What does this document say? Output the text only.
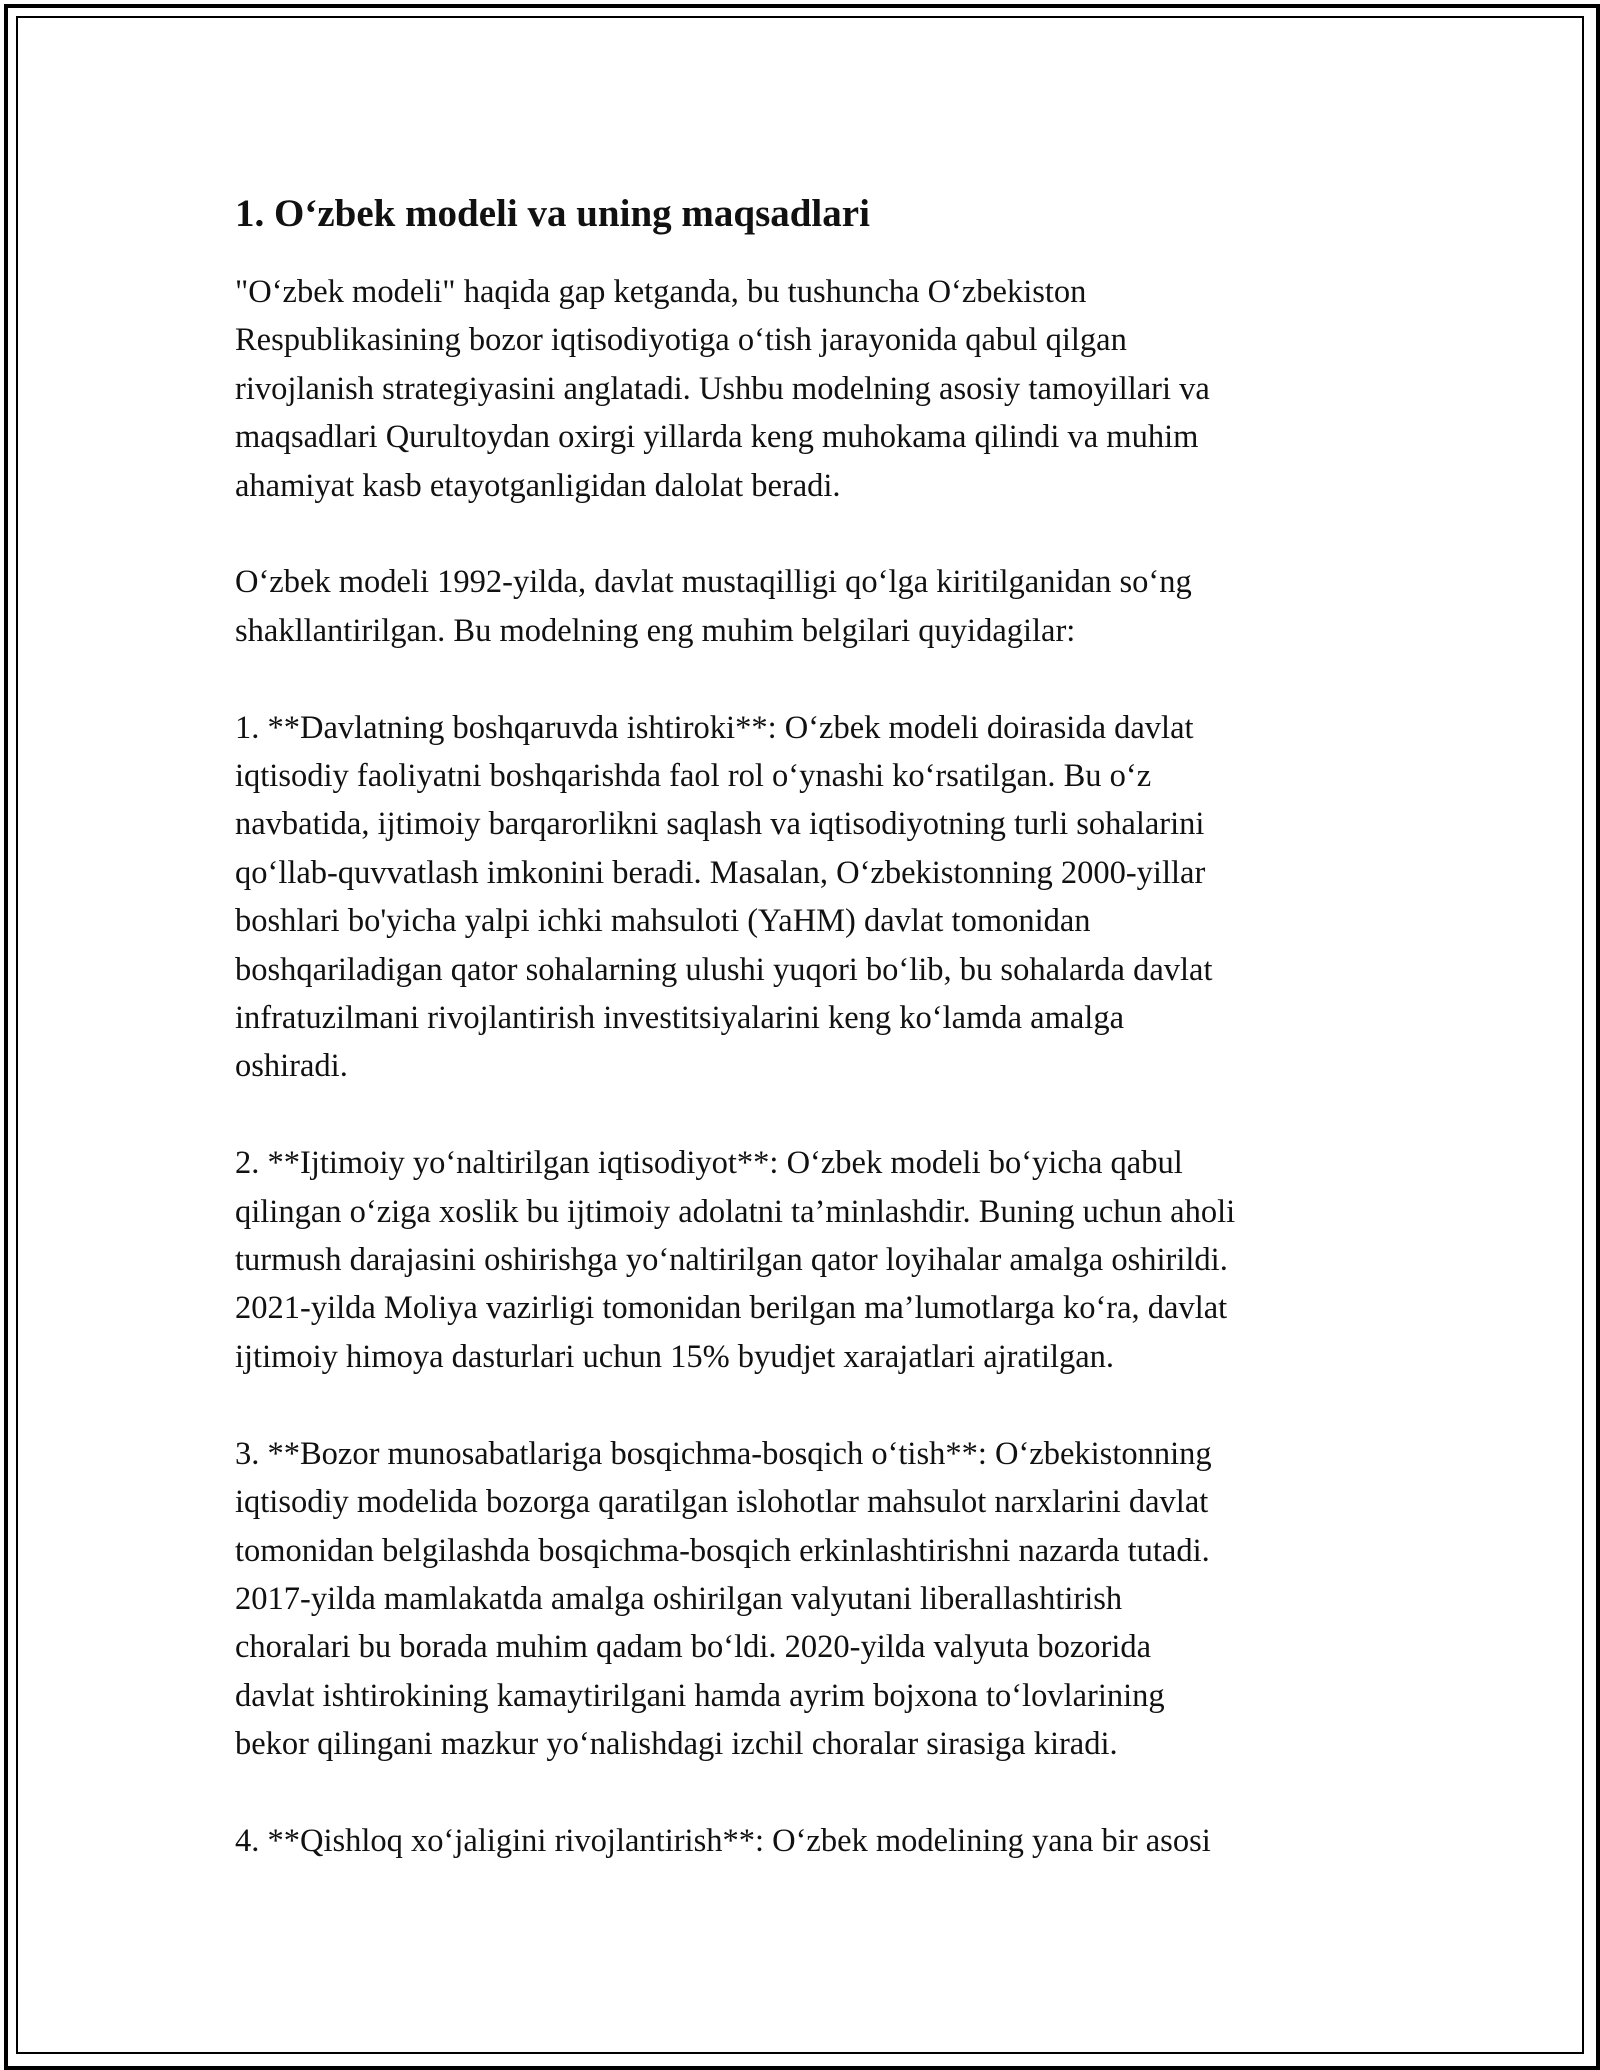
1. O‘zbek modeli va uning maqsadlari

"O‘zbek modeli" haqida gap ketganda, bu tushuncha O‘zbekiston
Respublikasining bozor iqtisodiyotiga o‘tish jarayonida qabul qilgan
rivojlanish strategiyasini anglatadi. Ushbu modelning asosiy tamoyillari va
maqsadlari Qurultoydan oxirgi yillarda keng muhokama qilindi va muhim
ahamiyat kasb etayotganligidan dalolat beradi.

O‘zbek modeli 1992-yilda, davlat mustaqilligi qo‘lga kiritilganidan so‘ng
shakllantirilgan. Bu modelning eng muhim belgilari quyidagilar:

1. **Davlatning boshqaruvda ishtiroki**: O‘zbek modeli doirasida davlat
iqtisodiy faoliyatni boshqarishda faol rol o‘ynashi ko‘rsatilgan. Bu o‘z
navbatida, ijtimoiy barqarorlikni saqlash va iqtisodiyotning turli sohalarini
qo‘llab-quvvatlash imkonini beradi. Masalan, O‘zbekistonning 2000-yillar
boshlari bo'yicha yalpi ichki mahsuloti (YaHM) davlat tomonidan
boshqariladigan qator sohalarning ulushi yuqori bo‘lib, bu sohalarda davlat
infratuzilmani rivojlantirish investitsiyalarini keng ko‘lamda amalga
oshiradi.

2. **Ijtimoiy yo‘naltirilgan iqtisodiyot**: O‘zbek modeli bo‘yicha qabul
qilingan o‘ziga xoslik bu ijtimoiy adolatni ta’minlashdir. Buning uchun aholi
turmush darajasini oshirishga yo‘naltirilgan qator loyihalar amalga oshirildi.
2021-yilda Moliya vazirligi tomonidan berilgan ma’lumotlarga ko‘ra, davlat
ijtimoiy himoya dasturlari uchun 15% byudjet xarajatlari ajratilgan.

3. **Bozor munosabatlariga bosqichma-bosqich o‘tish**: O‘zbekistonning
iqtisodiy modelida bozorga qaratilgan islohotlar mahsulot narxlarini davlat
tomonidan belgilashda bosqichma-bosqich erkinlashtirishni nazarda tutadi.
2017-yilda mamlakatda amalga oshirilgan valyutani liberallashtirish
choralari bu borada muhim qadam bo‘ldi. 2020-yilda valyuta bozorida
davlat ishtirokining kamaytirilgani hamda ayrim bojxona to‘lovlarining
bekor qilingani mazkur yo‘nalishdagi izchil choralar sirasiga kiradi.

4. **Qishloq xo‘jaligini rivojlantirish**: O‘zbek modelining yana bir asosi
